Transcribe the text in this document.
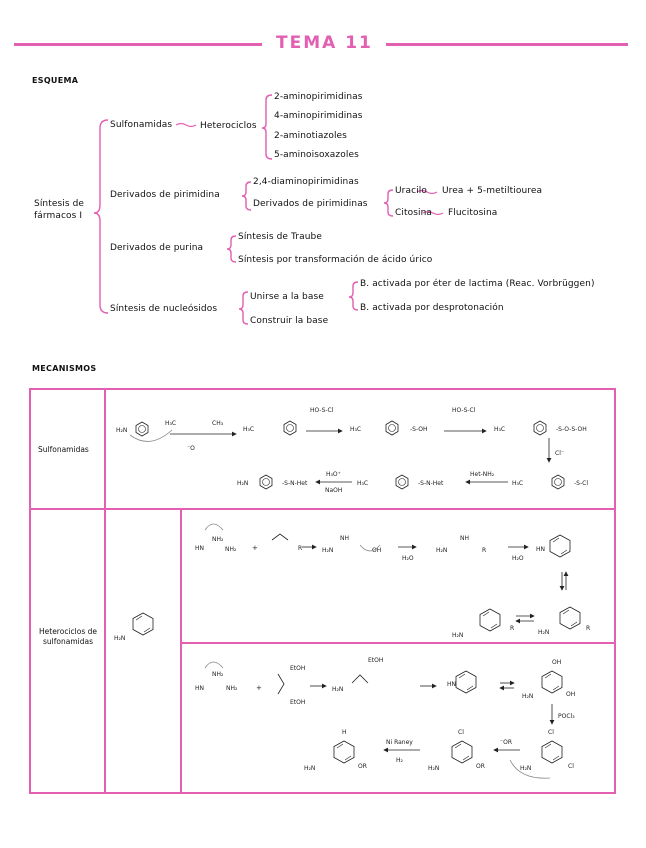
TEMA 11
ESQUEMA
Síntesis de fármacos I
Sulfonamidas	Heterociclos
2-aminopirimidinas
4-aminopirimidinas
2-aminotiazoles
5-aminoisoxazoles
Derivados de pirimidina
2,4-diaminopirimidinas
Derivados de pirimidinas
Uracilo Urea + 5-metiltiourea
Citosina Flucitosina
Derivados de purina
Síntesis de Traube
Síntesis por transformación de ácido úrico
Síntesis de nucleósidos
Unirse a la base
Construir la base
B. activada por éter de lactima (Reac. Vorbrüggen)
B. activada por desprotonación
MECANISMOS
Sulfonamidas
Heterociclos de sulfonamidas
H₂N
H₃C	CH₃
⁻O
H₃C
HO-S-Cl
H₃C	-S-OH
HO-S-Cl
H₃C	-S-O-S-OH
Cl⁻
H₂N	-S-N-Het
H₃O⁺
NaOH
H₃C	-S-N-Het
Het-NH₂
H₃C	-S-Cl
H₂N
HN
NH₂
NH₂ +	R	H₂N
NH
OH
H₂O
H₂N
NH
R
H₂O
HN
H₂N
R
H₂N
R
HN
NH₂
NH₂	+
EtOH
EtOH
H₂N
EtOH
HN
OH
OH
H₂N
POCl₃
Cl
Cl
H₂N
⁻OR
Cl
OR
H₂N
Ni Raney
H₂
H
OR
H₂N
